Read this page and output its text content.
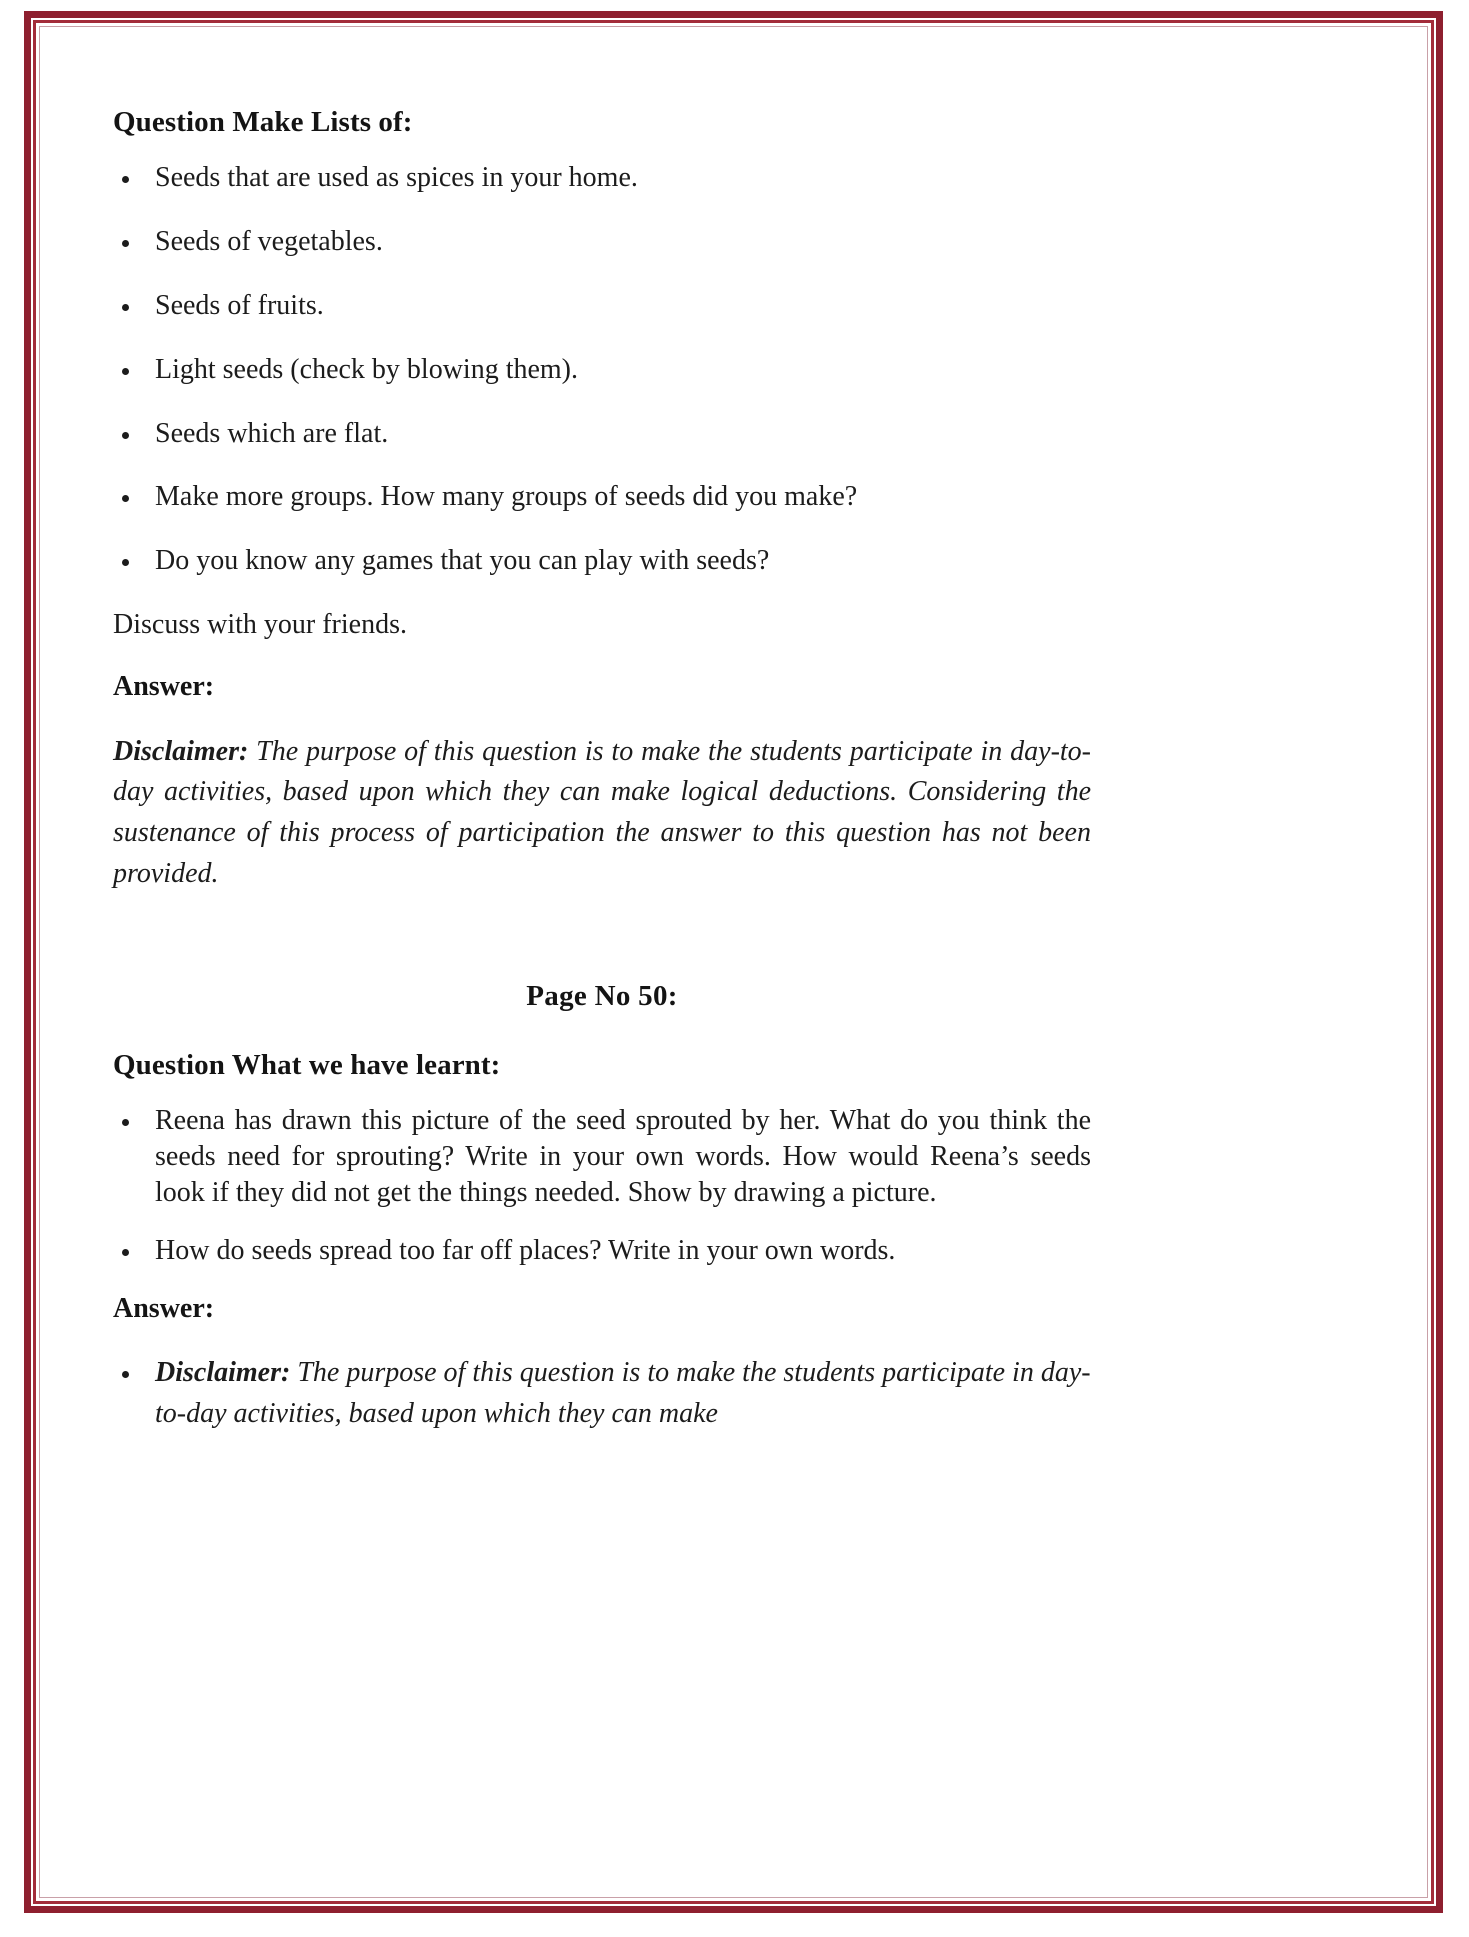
Question Make Lists of:
Seeds that are used as spices in your home.
Seeds of vegetables.
Seeds of fruits.
Light seeds (check by blowing them).
Seeds which are flat.
Make more groups. How many groups of seeds did you make?
Do you know any games that you can play with seeds?

Discuss with your friends.

Answer:

Disclaimer: The purpose of this question is to make the students participate in day-to-day activities, based upon which they can make logical deductions. Considering the sustenance of this process of participation the answer to this question has not been provided.

Page No 50:

Question What we have learnt:
Reena has drawn this picture of the seed sprouted by her. What do you think the seeds need for sprouting? Write in your own words. How would Reena’s seeds look if they did not get the things needed. Show by drawing a picture.
How do seeds spread too far off places? Write in your own words.

Answer:

Disclaimer: The purpose of this question is to make the students participate in day-to-day activities, based upon which they can make
